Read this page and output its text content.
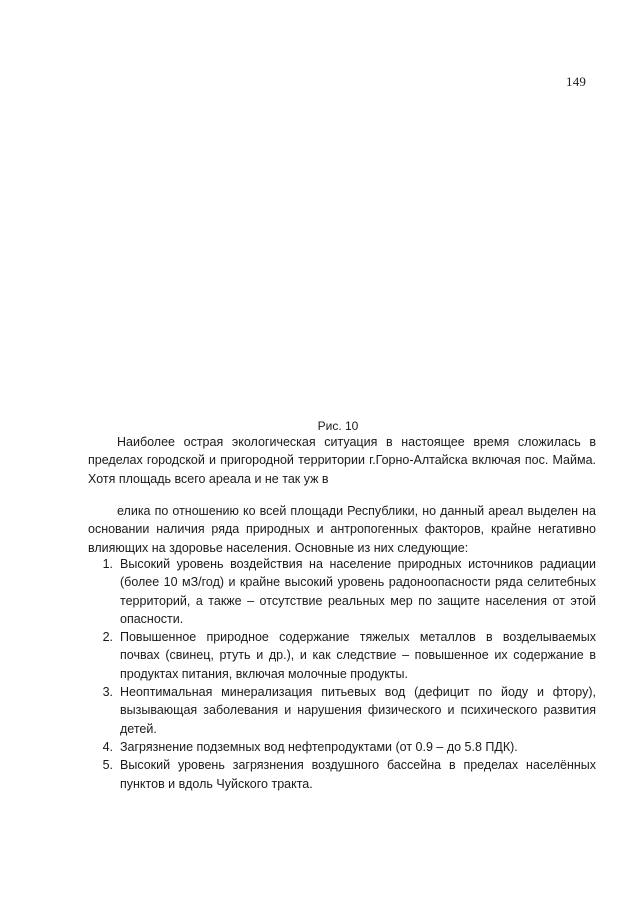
149
Рис. 10
Наиболее острая экологическая ситуация в настоящее время сложилась в пределах городской и пригородной территории г.Горно-Алтайска включая пос. Майма. Хотя площадь всего ареала и не так уж в
елика по отношению ко всей площади Республики, но данный ареал выделен на основании наличия ряда природных и антропогенных факторов, крайне негативно влияющих на здоровье населения. Основные из них следующие:
1. Высокий уровень воздействия на население природных источников радиации (более 10 мЗ/год) и крайне высокий уровень радоноопасности ряда селитебных территорий, а также – отсутствие реальных мер по защите населения от этой опасности.
2. Повышенное природное содержание тяжелых металлов в возделываемых почвах (свинец, ртуть и др.), и как следствие – повышенное их содержание в продуктах питания, включая молочные продукты.
3. Неоптимальная минерализация питьевых вод (дефицит по йоду и фтору), вызывающая заболевания и нарушения физического и психического развития детей.
4. Загрязнение подземных вод нефтепродуктами (от 0.9 – до 5.8 ПДК).
5. Высокий уровень загрязнения воздушного бассейна в пределах населённых пунктов и вдоль Чуйского тракта.
